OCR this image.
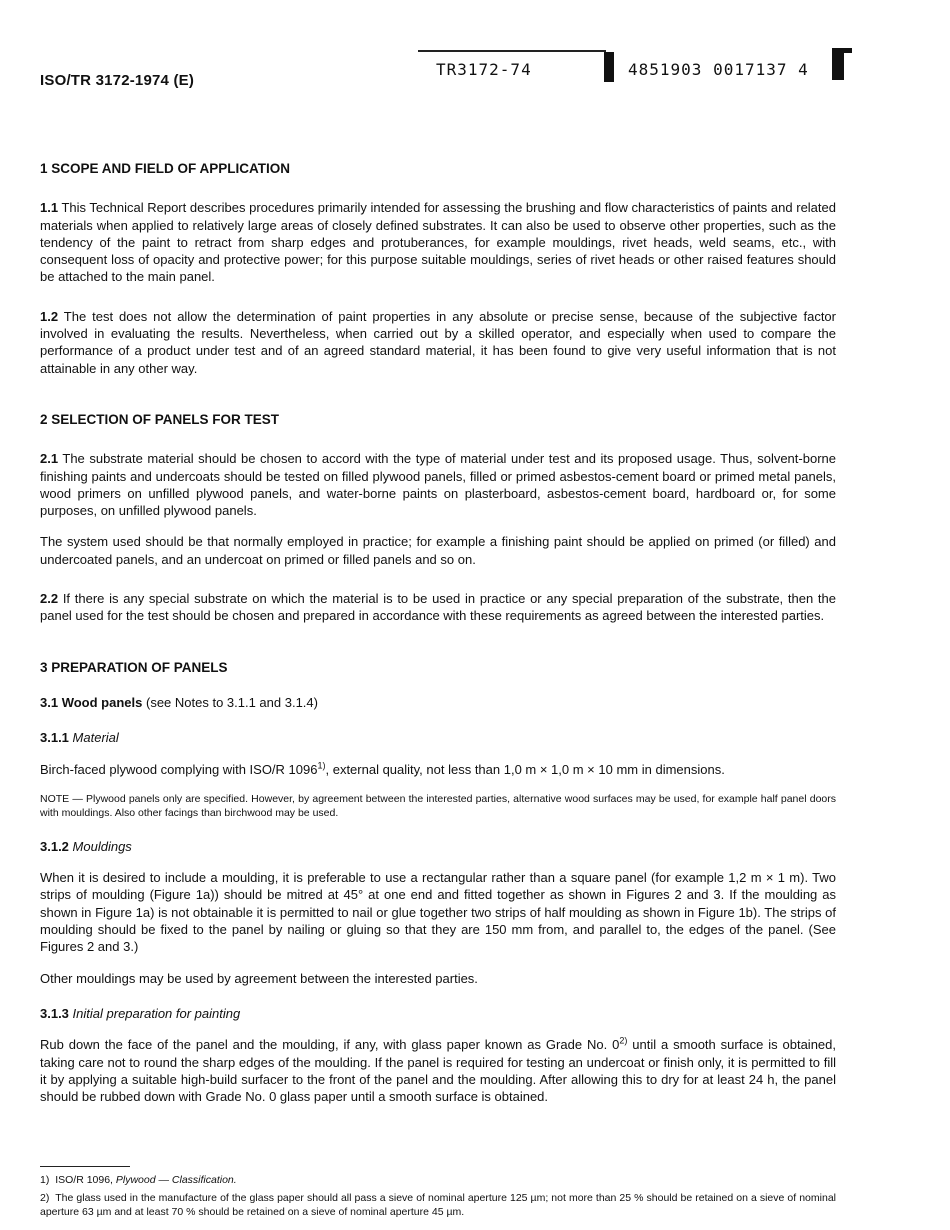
ISO/TR 3172-1974 (E)
TR3172-74	4851903 0017137 4
1 SCOPE AND FIELD OF APPLICATION

1.1 This Technical Report describes procedures primarily intended for assessing the brushing and flow characteristics of paints and related materials when applied to relatively large areas of closely defined substrates. It can also be used to observe other properties, such as the tendency of the paint to retract from sharp edges and protuberances, for example mouldings, rivet heads, weld seams, etc., with consequent loss of opacity and protective power; for this purpose suitable mouldings, series of rivet heads or other raised features should be attached to the main panel.

1.2 The test does not allow the determination of paint properties in any absolute or precise sense, because of the subjective factor involved in evaluating the results. Nevertheless, when carried out by a skilled operator, and especially when used to compare the performance of a product under test and of an agreed standard material, it has been found to give very useful information that is not attainable in any other way.

2 SELECTION OF PANELS FOR TEST

2.1 The substrate material should be chosen to accord with the type of material under test and its proposed usage. Thus, solvent-borne finishing paints and undercoats should be tested on filled plywood panels, filled or primed asbestos-cement board or primed metal panels, wood primers on unfilled plywood panels, and water-borne paints on plasterboard, asbestos-cement board, hardboard or, for some purposes, on unfilled plywood panels.

The system used should be that normally employed in practice; for example a finishing paint should be applied on primed (or filled) and undercoated panels, and an undercoat on primed or filled panels and so on.

2.2 If there is any special substrate on which the material is to be used in practice or any special preparation of the substrate, then the panel used for the test should be chosen and prepared in accordance with these requirements as agreed between the interested parties.

3 PREPARATION OF PANELS

3.1 Wood panels (see Notes to 3.1.1 and 3.1.4)

3.1.1 Material

Birch-faced plywood complying with ISO/R 1096$^{1)}$, external quality, not less than 1,0 m × 1,0 m × 10 mm in dimensions.

NOTE — Plywood panels only are specified. However, by agreement between the interested parties, alternative wood surfaces may be used, for example half panel doors with mouldings. Also other facings than birchwood may be used.

3.1.2 Mouldings

When it is desired to include a moulding, it is preferable to use a rectangular rather than a square panel (for example 1,2 m × 1 m). Two strips of moulding (Figure 1a)) should be mitred at 45° at one end and fitted together as shown in Figures 2 and 3. If the moulding as shown in Figure 1a) is not obtainable it is permitted to nail or glue together two strips of half moulding as shown in Figure 1b). The strips of moulding should be fixed to the panel by nailing or gluing so that they are 150 mm from, and parallel to, the edges of the panel. (See Figures 2 and 3.)

Other mouldings may be used by agreement between the interested parties.

3.1.3 Initial preparation for painting

Rub down the face of the panel and the moulding, if any, with glass paper known as Grade No. 0$^{2)}$ until a smooth surface is obtained, taking care not to round the sharp edges of the moulding. If the panel is required for testing an undercoat or finish only, it is permitted to fill it by applying a suitable high-build surfacer to the front of the panel and the moulding. After allowing this to dry for at least 24 h, the panel should be rubbed down with Grade No. 0 glass paper until a smooth surface is obtained.

1) ISO/R 1096, Plywood — Classification.

2) The glass used in the manufacture of the glass paper should all pass a sieve of nominal aperture 125 µm; not more than 25 % should be retained on a sieve of nominal aperture 63 µm and at least 70 % should be retained on a sieve of nominal aperture 45 µm.
